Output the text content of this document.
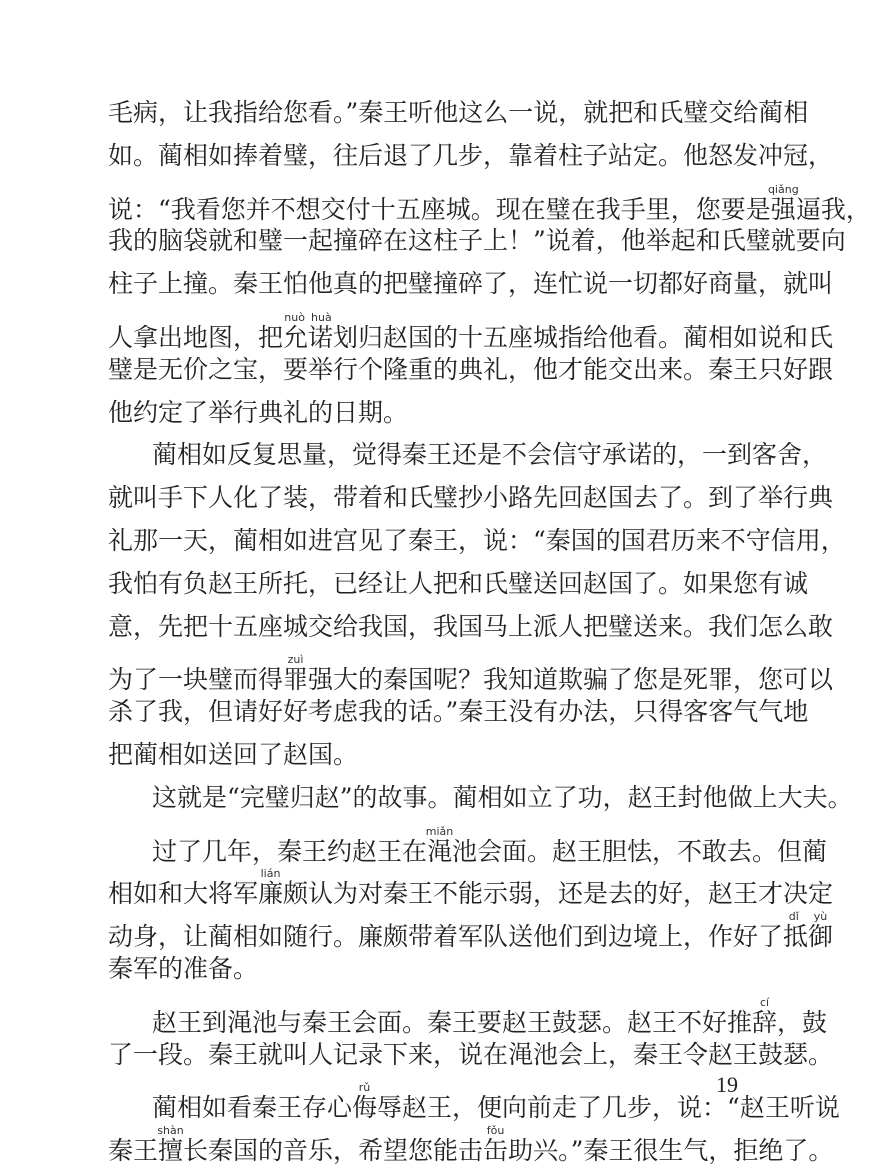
毛病，让我指给您看。”秦王听他这么一说，就把和氏璧交给蔺相
如。蔺相如捧着璧，往后退了几步，靠着柱子站定。他怒发冲冠，
说：“我看您并不想交付十五座城。现在璧在我手里，您要是强qiǎng逼我，
我的脑袋就和璧一起撞碎在这柱子上！”说着，他举起和氏璧就要向
柱子上撞。秦王怕他真的把璧撞碎了，连忙说一切都好商量，就叫
人拿出地图，把允诺nuò huà划归赵国的十五座城指给他看。蔺相如说和氏
璧是无价之宝，要举行个隆重的典礼，他才能交出来。秦王只好跟
他约定了举行典礼的日期。
蔺相如反复思量，觉得秦王还是不会信守承诺的，一到客舍，
就叫手下人化了装，带着和氏璧抄小路先回赵国去了。到了举行典
礼那一天，蔺相如进宫见了秦王，说：“秦国的国君历来不守信用，
我怕有负赵王所托，已经让人把和氏璧送回赵国了。如果您有诚
意，先把十五座城交给我国，我国马上派人把璧送来。我们怎么敢
为了一块璧而得罪zuì强大的秦国呢？我知道欺骗了您是死罪，您可以
杀了我，但请好好考虑我的话。”秦王没有办法，只得客客气气地
把蔺相如送回了赵国。
这就是“完璧归赵”的故事。蔺相如立了功，赵王封他做上大夫。
过了几年，秦王约赵王在渑miǎn池会面。赵王胆怯，不敢去。但蔺
相如和大将军廉lián颇认为对秦王不能示弱，还是去的好，赵王才决定
动身，让蔺相如随行。廉颇带着军队送他们到边境上，作好了抵御dǐ yù
秦军的准备。
赵王到渑池与秦王会面。秦王要赵王鼓瑟。赵王不好推辞cí，鼓
了一段。秦王就叫人记录下来，说在渑池会上，秦王令赵王鼓瑟。
蔺相如看秦王存心侮rǔ辱赵王，便向前走了几步，说：“赵王听说
秦王擅shàn长秦国的音乐，希望您能击缶fǒu助兴。”秦王很生气，拒绝了。
19
